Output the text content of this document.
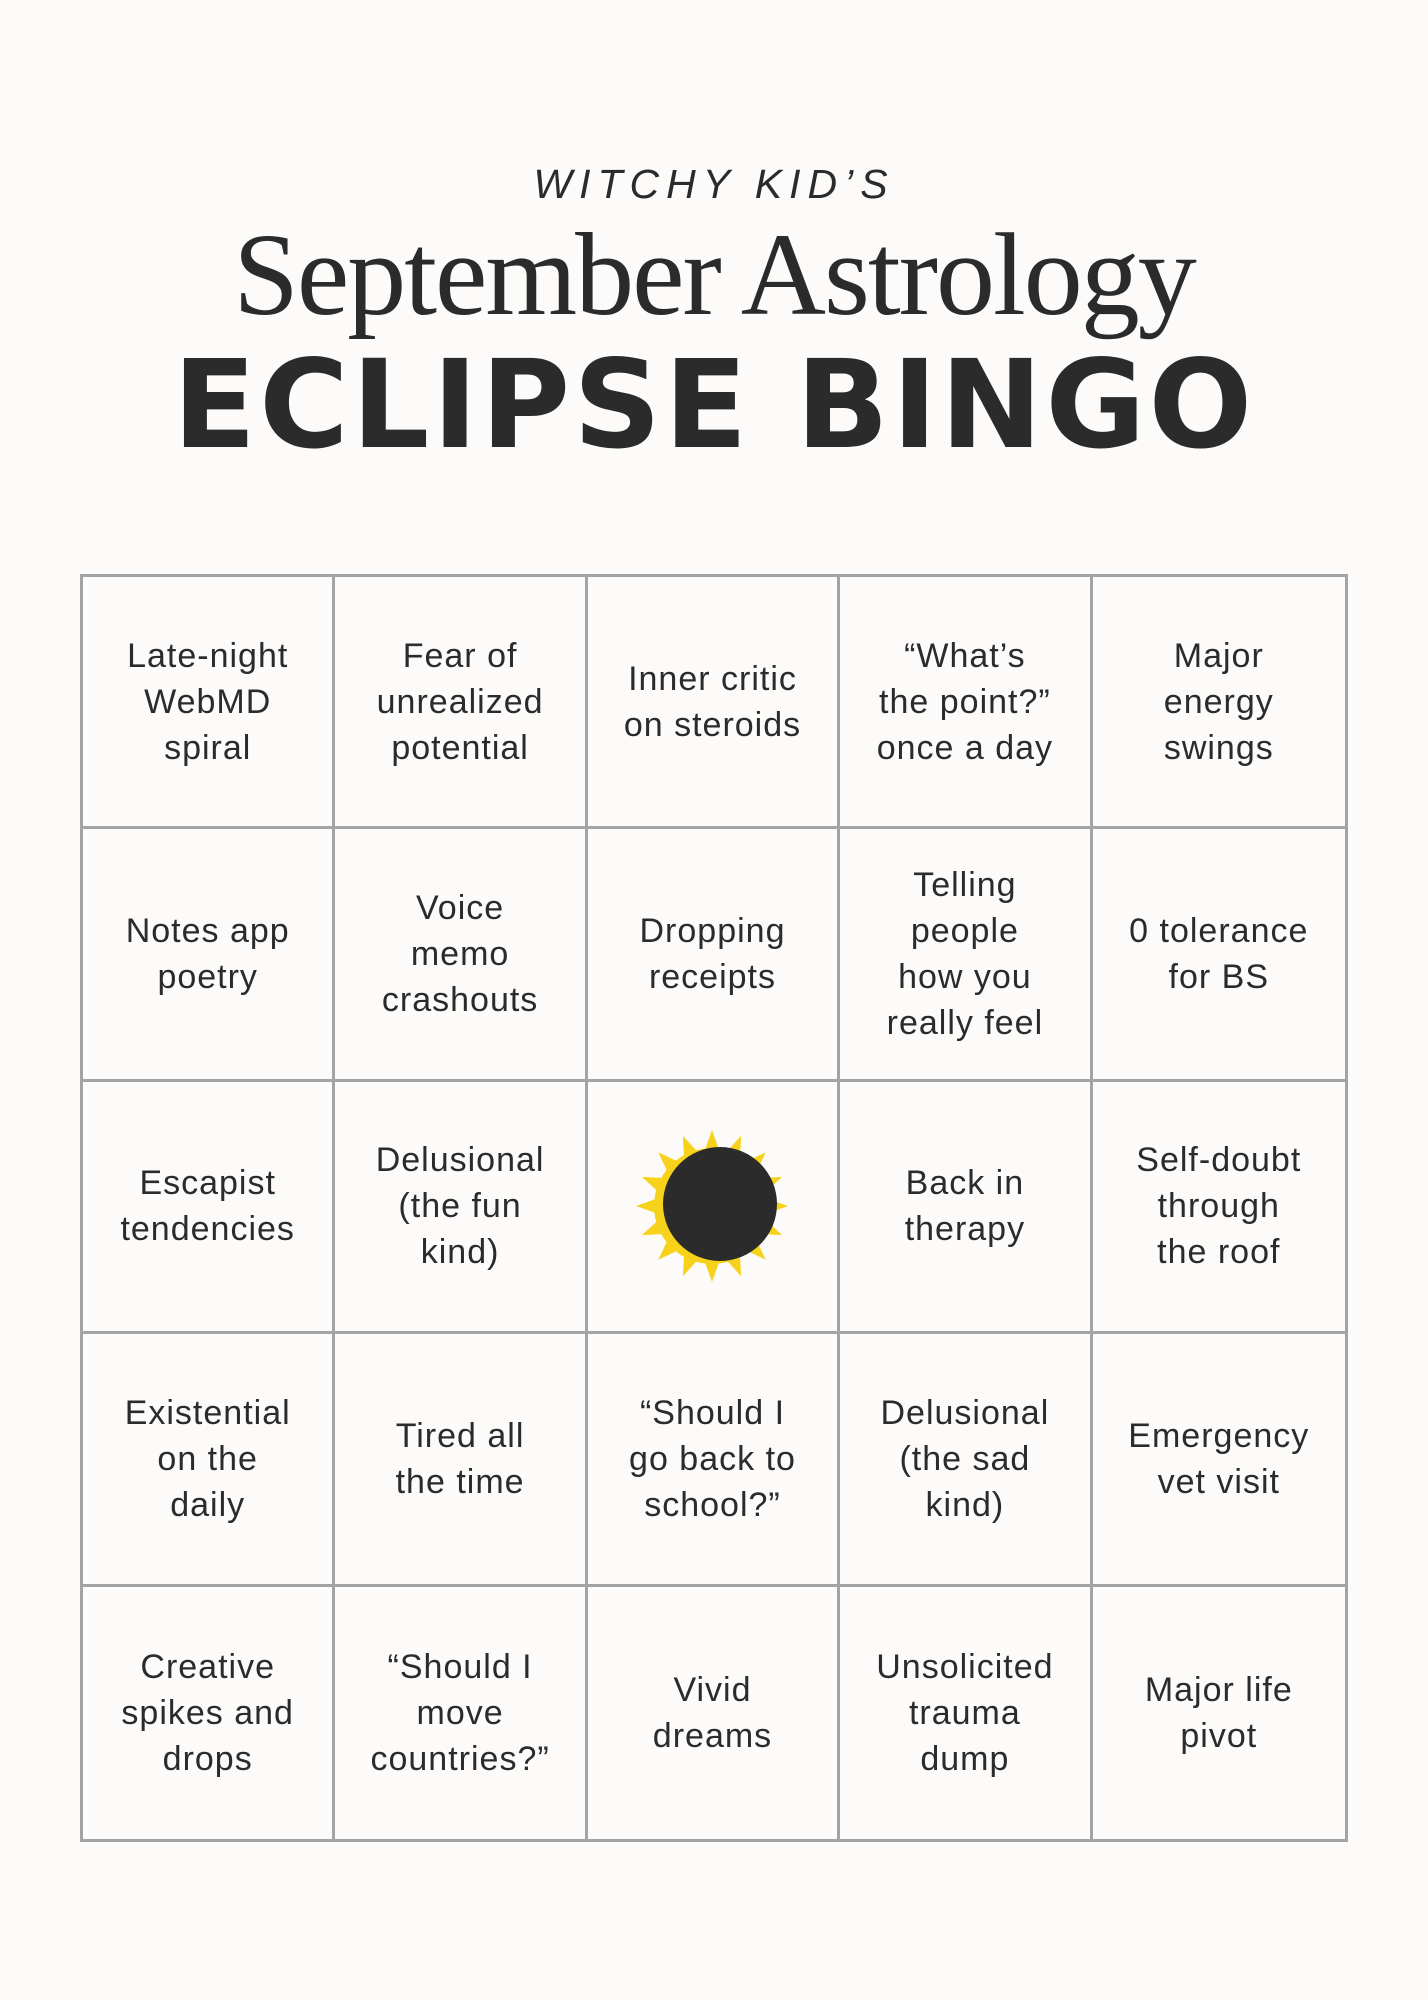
WITCHY KID’S
September Astrology
ECLIPSE BINGO
Late-night
WebMD
spiral
Fear of
unrealized
potential
Inner critic
on steroids
“What’s
the point?”
once a day
Major
energy
swings
Notes app
poetry
Voice
memo
crashouts
Dropping
receipts
Telling
people
how you
really feel
0 tolerance
for BS
Escapist
tendencies
Delusional
(the fun
kind)
Back in
therapy
Self-doubt
through
the roof
Existential
on the
daily
Tired all
the time
“Should I
go back to
school?”
Delusional
(the sad
kind)
Emergency
vet visit
Creative
spikes and
drops
“Should I
move
countries?”
Vivid
dreams
Unsolicited
trauma
dump
Major life
pivot
